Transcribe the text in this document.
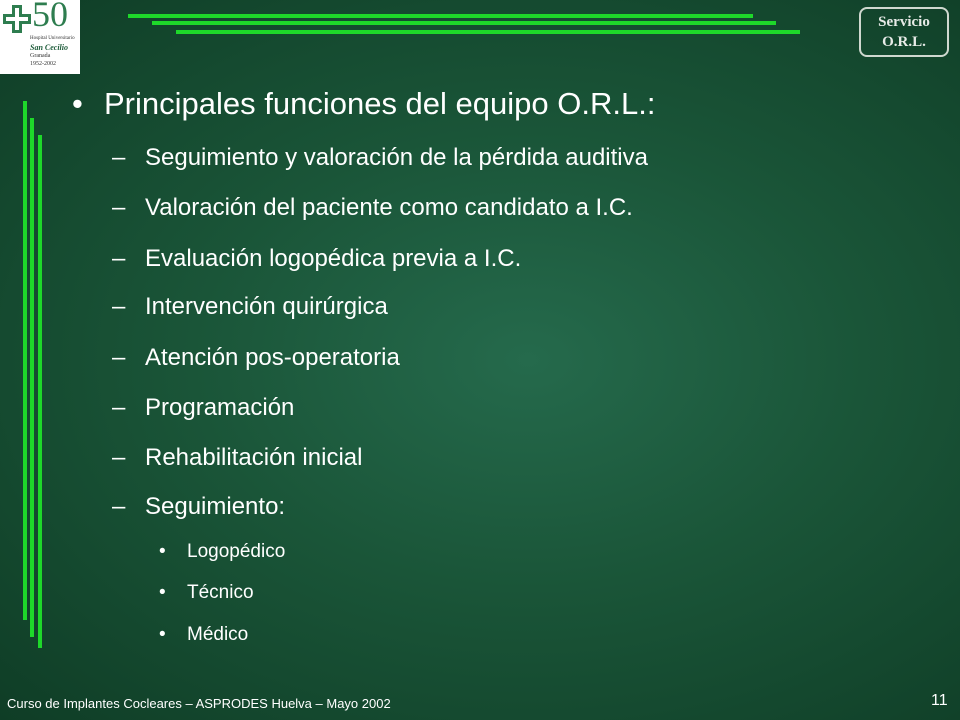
50
Hospital Universitario
San Cecilio
Granada
1952-2002
Servicio
O.R.L.
• Principales funciones del equipo O.R.L.:
– Seguimiento y valoración de la pérdida auditiva
– Valoración del paciente como candidato a I.C.
– Evaluación logopédica previa a I.C.
– Intervención quirúrgica
– Atención pos-operatoria
– Programación
– Rehabilitación inicial
– Seguimiento:
• Logopédico
• Técnico
• Médico
Curso de Implantes Cocleares – ASPRODES Huelva – Mayo 2002	11
